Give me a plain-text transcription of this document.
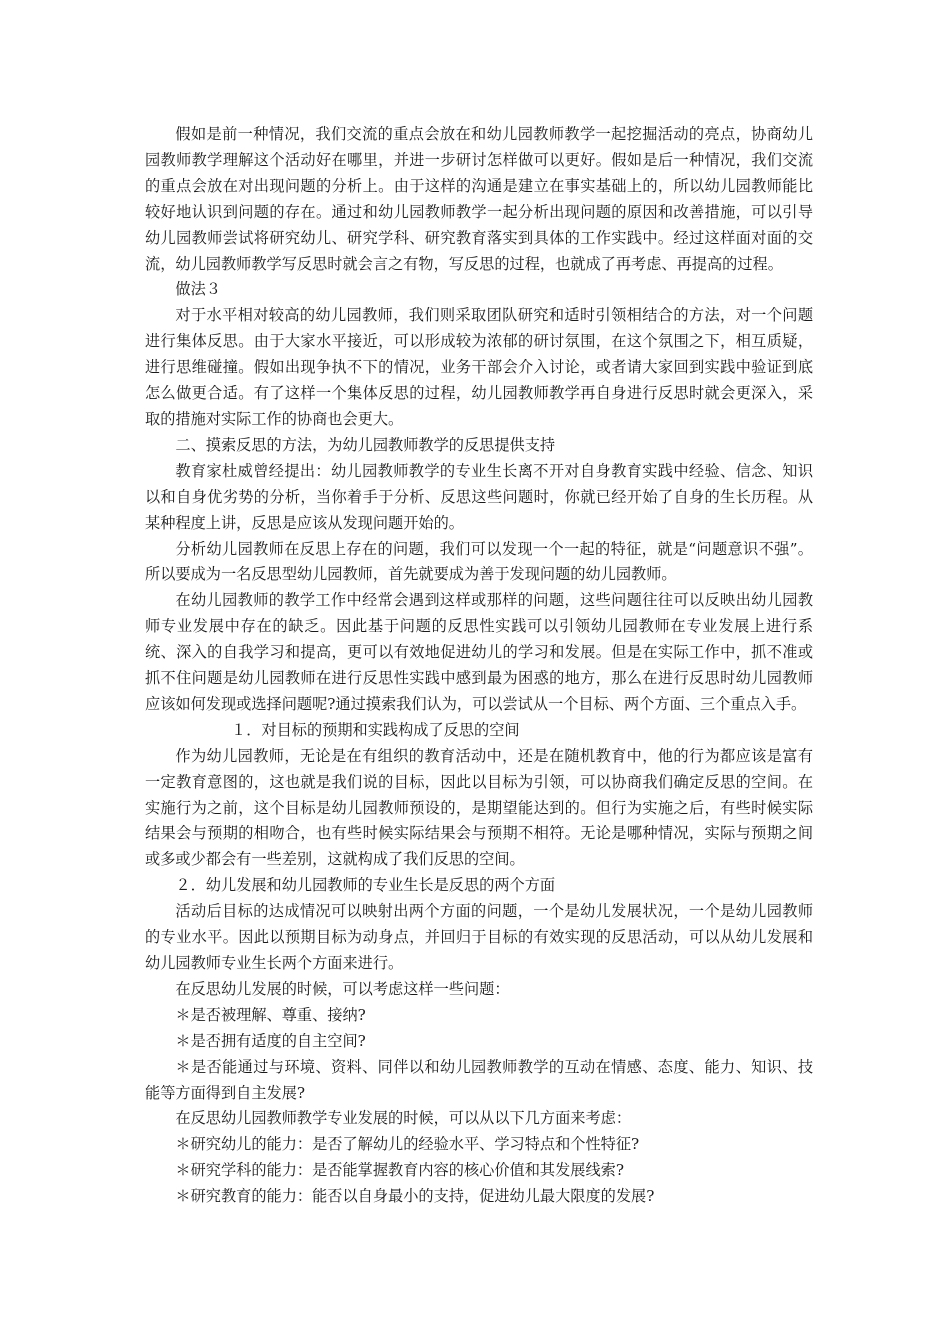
假如是前一种情况，我们交流的重点会放在和幼儿园教师教学一起挖掘活动的亮点，协商幼儿园教师教学理解这个活动好在哪里，并进一步研讨怎样做可以更好。假如是后一种情况，我们交流的重点会放在对出现问题的分析上。由于这样的沟通是建立在事实基础上的，所以幼儿园教师能比较好地认识到问题的存在。通过和幼儿园教师教学一起分析出现问题的原因和改善措施，可以引导幼儿园教师尝试将研究幼儿、研究学科、研究教育落实到具体的工作实践中。经过这样面对面的交流，幼儿园教师教学写反思时就会言之有物，写反思的过程，也就成了再考虑、再提高的过程。

做法３

对于水平相对较高的幼儿园教师，我们则采取团队研究和适时引领相结合的方法，对一个问题进行集体反思。由于大家水平接近，可以形成较为浓郁的研讨氛围，在这个氛围之下，相互质疑，进行思维碰撞。假如出现争执不下的情况，业务干部会介入讨论，或者请大家回到实践中验证到底怎么做更合适。有了这样一个集体反思的过程，幼儿园教师教学再自身进行反思时就会更深入，采取的措施对实际工作的协商也会更大。

二、摸索反思的方法，为幼儿园教师教学的反思提供支持

教育家杜威曾经提出：幼儿园教师教学的专业生长离不开对自身教育实践中经验、信念、知识以和自身优劣势的分析，当你着手于分析、反思这些问题时，你就已经开始了自身的生长历程。从某种程度上讲，反思是应该从发现问题开始的。

分析幼儿园教师在反思上存在的问题，我们可以发现一个一起的特征，就是“问题意识不强”。所以要成为一名反思型幼儿园教师，首先就要成为善于发现问题的幼儿园教师。

在幼儿园教师的教学工作中经常会遇到这样或那样的问题，这些问题往往可以反映出幼儿园教师专业发展中存在的缺乏。因此基于问题的反思性实践可以引领幼儿园教师在专业发展上进行系统、深入的自我学习和提高，更可以有效地促进幼儿的学习和发展。但是在实际工作中，抓不准或抓不住问题是幼儿园教师在进行反思性实践中感到最为困惑的地方，那么在进行反思时幼儿园教师应该如何发现或选择问题呢?通过摸索我们认为，可以尝试从一个目标、两个方面、三个重点入手。

１．对目标的预期和实践构成了反思的空间

作为幼儿园教师，无论是在有组织的教育活动中，还是在随机教育中，他的行为都应该是富有一定教育意图的，这也就是我们说的目标，因此以目标为引领，可以协商我们确定反思的空间。在实施行为之前，这个目标是幼儿园教师预设的，是期望能达到的。但行为实施之后，有些时候实际结果会与预期的相吻合，也有些时候实际结果会与预期不相符。无论是哪种情况，实际与预期之间或多或少都会有一些差别，这就构成了我们反思的空间。

２．幼儿发展和幼儿园教师的专业生长是反思的两个方面

活动后目标的达成情况可以映射出两个方面的问题，一个是幼儿发展状况，一个是幼儿园教师的专业水平。因此以预期目标为动身点，并回归于目标的有效实现的反思活动，可以从幼儿发展和幼儿园教师专业生长两个方面来进行。

在反思幼儿发展的时候，可以考虑这样一些问题：

＊是否被理解、尊重、接纳?

＊是否拥有适度的自主空间?

＊是否能通过与环境、资料、同伴以和幼儿园教师教学的互动在情感、态度、能力、知识、技能等方面得到自主发展?

在反思幼儿园教师教学专业发展的时候，可以从以下几方面来考虑：

＊研究幼儿的能力：是否了解幼儿的经验水平、学习特点和个性特征?

＊研究学科的能力：是否能掌握教育内容的核心价值和其发展线索?

＊研究教育的能力：能否以自身最小的支持，促进幼儿最大限度的发展?
